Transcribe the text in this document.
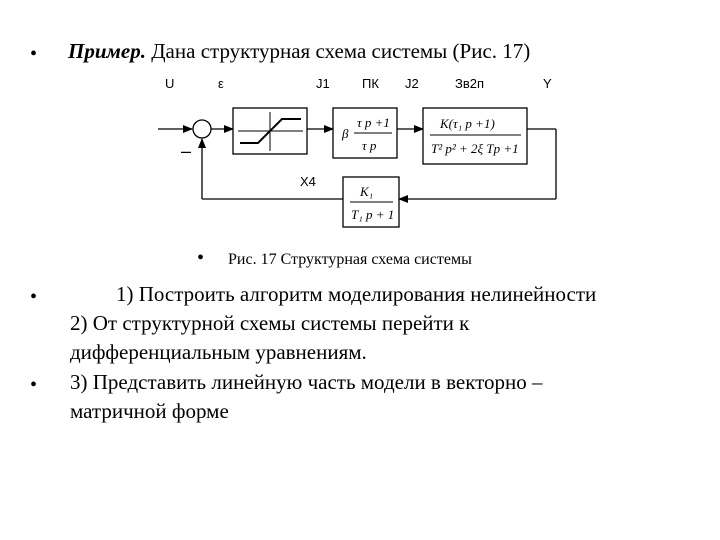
• Пример. Дана структурная схема системы (Рис. 17)
U	ε	J1 ПК J2	Зв2п	Y
–
β
τ p +1
τ p
K(τ₁ p +1)
T² p² + 2ξ Tp +1
K₁
T₁ p + 1
X4
• Рис. 17 Структурная схема системы
•	1) Построить алгоритм моделирования нелинейности
2) От структурной схемы системы перейти к
дифференциальным уравнениям.
• 3) Представить линейную часть модели в векторно –
матричной форме
